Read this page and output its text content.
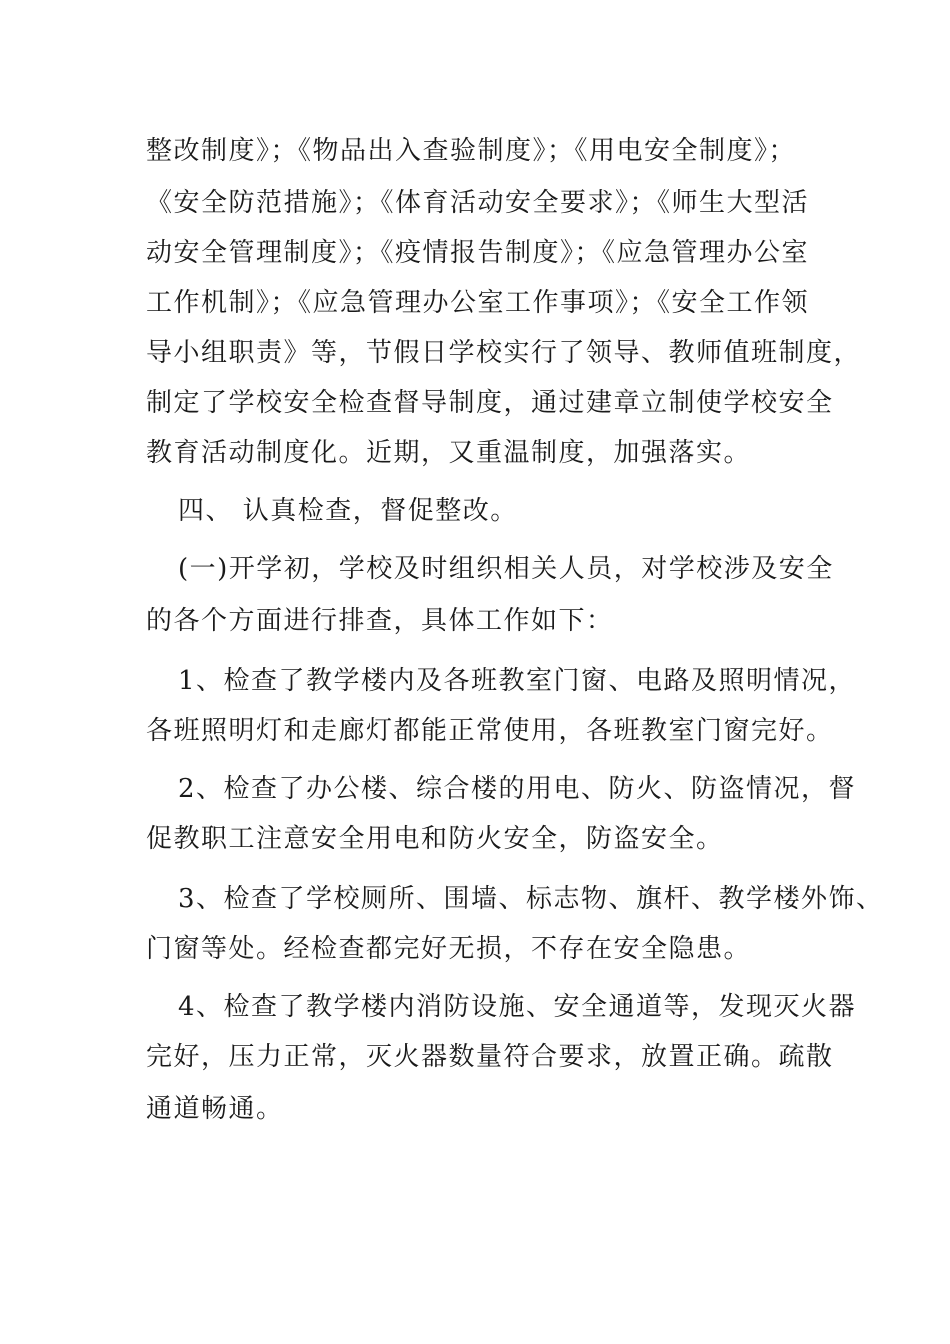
整改制度》；《物品出入查验制度》；《用电安全制度》；
《安全防范措施》；《体育活动安全要求》；《师生大型活
动安全管理制度》；《疫情报告制度》；《应急管理办公室
工作机制》；《应急管理办公室工作事项》；《安全工作领
导小组职责》等，节假日学校实行了领导、教师值班制度，
制定了学校安全检查督导制度，通过建章立制使学校安全
教育活动制度化。近期，又重温制度，加强落实。
四、 认真检查，督促整改。
(一)开学初，学校及时组织相关人员，对学校涉及安全
的各个方面进行排查，具体工作如下：
1、检查了教学楼内及各班教室门窗、电路及照明情况，
各班照明灯和走廊灯都能正常使用，各班教室门窗完好。
2、检查了办公楼、综合楼的用电、防火、防盗情况，督
促教职工注意安全用电和防火安全，防盗安全。
3、检查了学校厕所、围墙、标志物、旗杆、教学楼外饰、
门窗等处。经检查都完好无损，不存在安全隐患。
4、检查了教学楼内消防设施、安全通道等，发现灭火器
完好，压力正常，灭火器数量符合要求，放置正确。疏散
通道畅通。
